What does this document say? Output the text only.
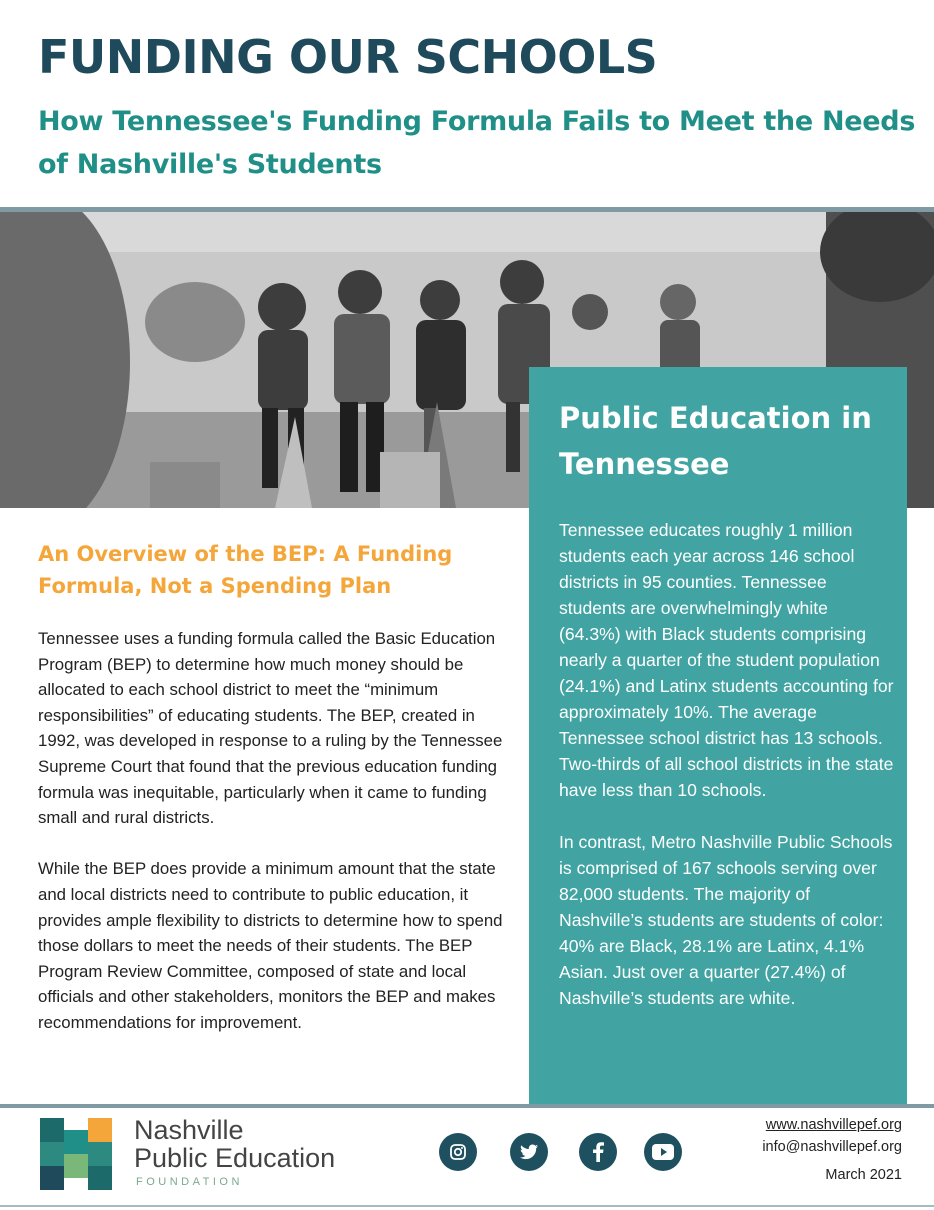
FUNDING OUR SCHOOLS
How Tennessee's Funding Formula Fails to Meet the Needs of Nashville's Students
Public Education in Tennessee

Tennessee educates roughly 1 million students each year across 146 school districts in 95 counties. Tennessee students are overwhelmingly white (64.3%) with Black students comprising nearly a quarter of the student population (24.1%) and Latinx students accounting for approximately 10%. The average Tennessee school district has 13 schools. Two-thirds of all school districts in the state have less than 10 schools.

In contrast, Metro Nashville Public Schools is comprised of 167 schools serving over 82,000 students. The majority of Nashville’s students are students of color: 40% are Black, 28.1% are Latinx, 4.1% Asian. Just over a quarter (27.4%) of Nashville’s students are white.

An Overview of the BEP: A Funding Formula, Not a Spending Plan

Tennessee uses a funding formula called the Basic Education Program (BEP) to determine how much money should be allocated to each school district to meet the “minimum responsibilities” of educating students. The BEP, created in 1992, was developed in response to a ruling by the Tennessee Supreme Court that found that the previous education funding formula was inequitable, particularly when it came to funding small and rural districts.

While the BEP does provide a minimum amount that the state and local districts need to contribute to public education, it provides ample flexibility to districts to determine how to spend those dollars to meet the needs of their students. The BEP Program Review Committee, composed of state and local officials and other stakeholders, monitors the BEP and makes recommendations for improvement.

Nashville
Public Education
FOUNDATION
www.nashvillepef.org
info@nashvillepef.org
March 2021
